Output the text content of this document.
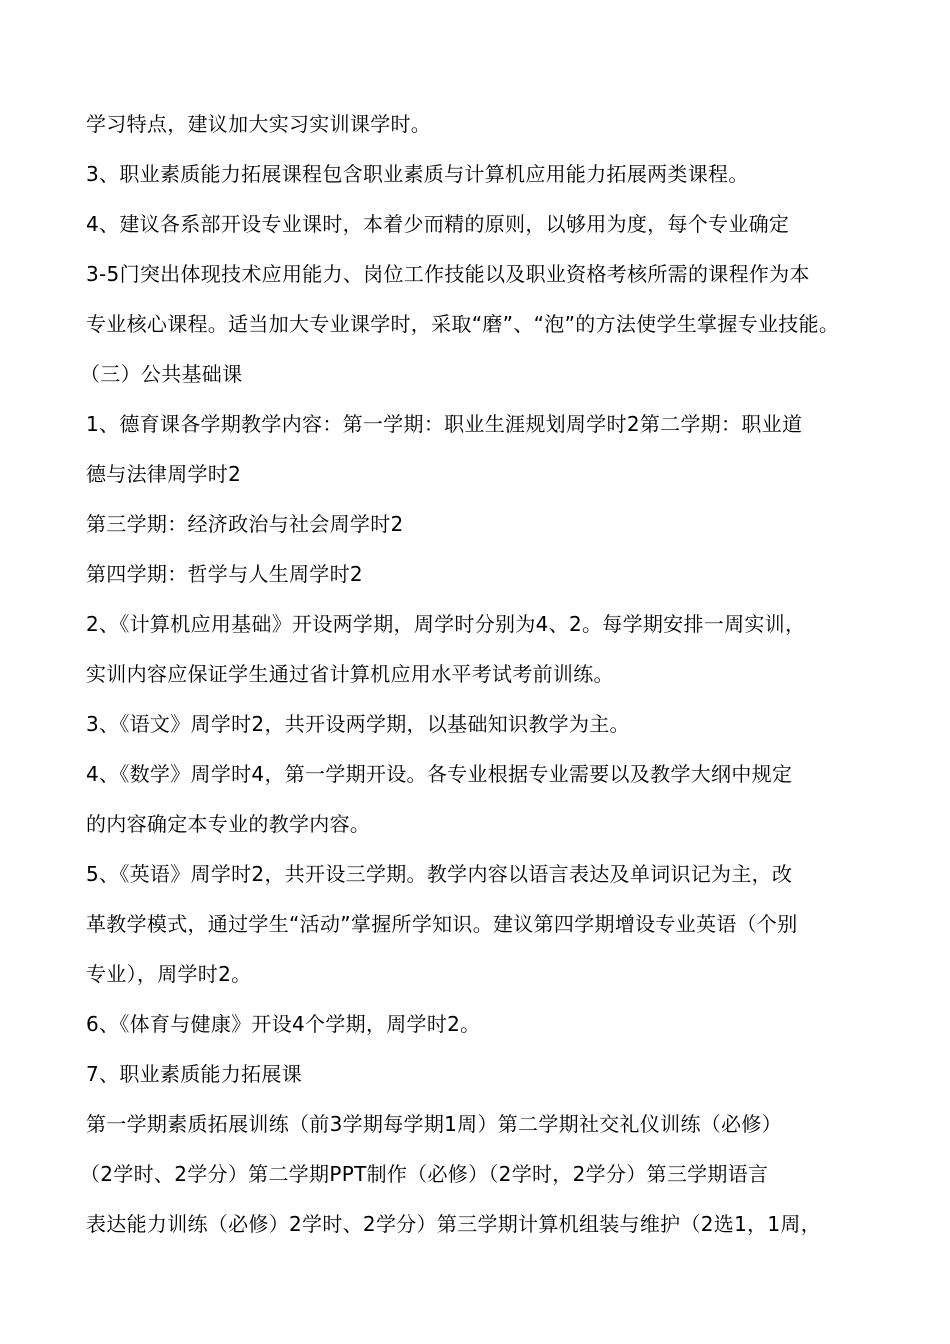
学习特点，建议加大实习实训课学时。
3、职业素质能力拓展课程包含职业素质与计算机应用能力拓展两类课程。
4、建议各系部开设专业课时，本着少而精的原则，以够用为度，每个专业确定
3-5门突出体现技术应用能力、岗位工作技能以及职业资格考核所需的课程作为本
专业核心课程。适当加大专业课学时，采取“磨”、“泡”的方法使学生掌握专业技能。
（三）公共基础课
1、德育课各学期教学内容：第一学期：职业生涯规划周学时2第二学期：职业道
德与法律周学时2
第三学期：经济政治与社会周学时2
第四学期：哲学与人生周学时2
2、《计算机应用基础》开设两学期，周学时分别为4、2。每学期安排一周实训，
实训内容应保证学生通过省计算机应用水平考试考前训练。
3、《语文》周学时2，共开设两学期，以基础知识教学为主。
4、《数学》周学时4，第一学期开设。各专业根据专业需要以及教学大纲中规定
的内容确定本专业的教学内容。
5、《英语》周学时2，共开设三学期。教学内容以语言表达及单词识记为主，改
革教学模式，通过学生“活动”掌握所学知识。建议第四学期增设专业英语（个别
专业），周学时2。
6、《体育与健康》开设4个学期，周学时2。
7、职业素质能力拓展课
第一学期素质拓展训练（前3学期每学期1周）第二学期社交礼仪训练（必修）
（2学时、2学分）第二学期PPT制作（必修）（2学时，2学分）第三学期语言
表达能力训练（必修）2学时、2学分）第三学期计算机组装与维护（2选1，1周，
